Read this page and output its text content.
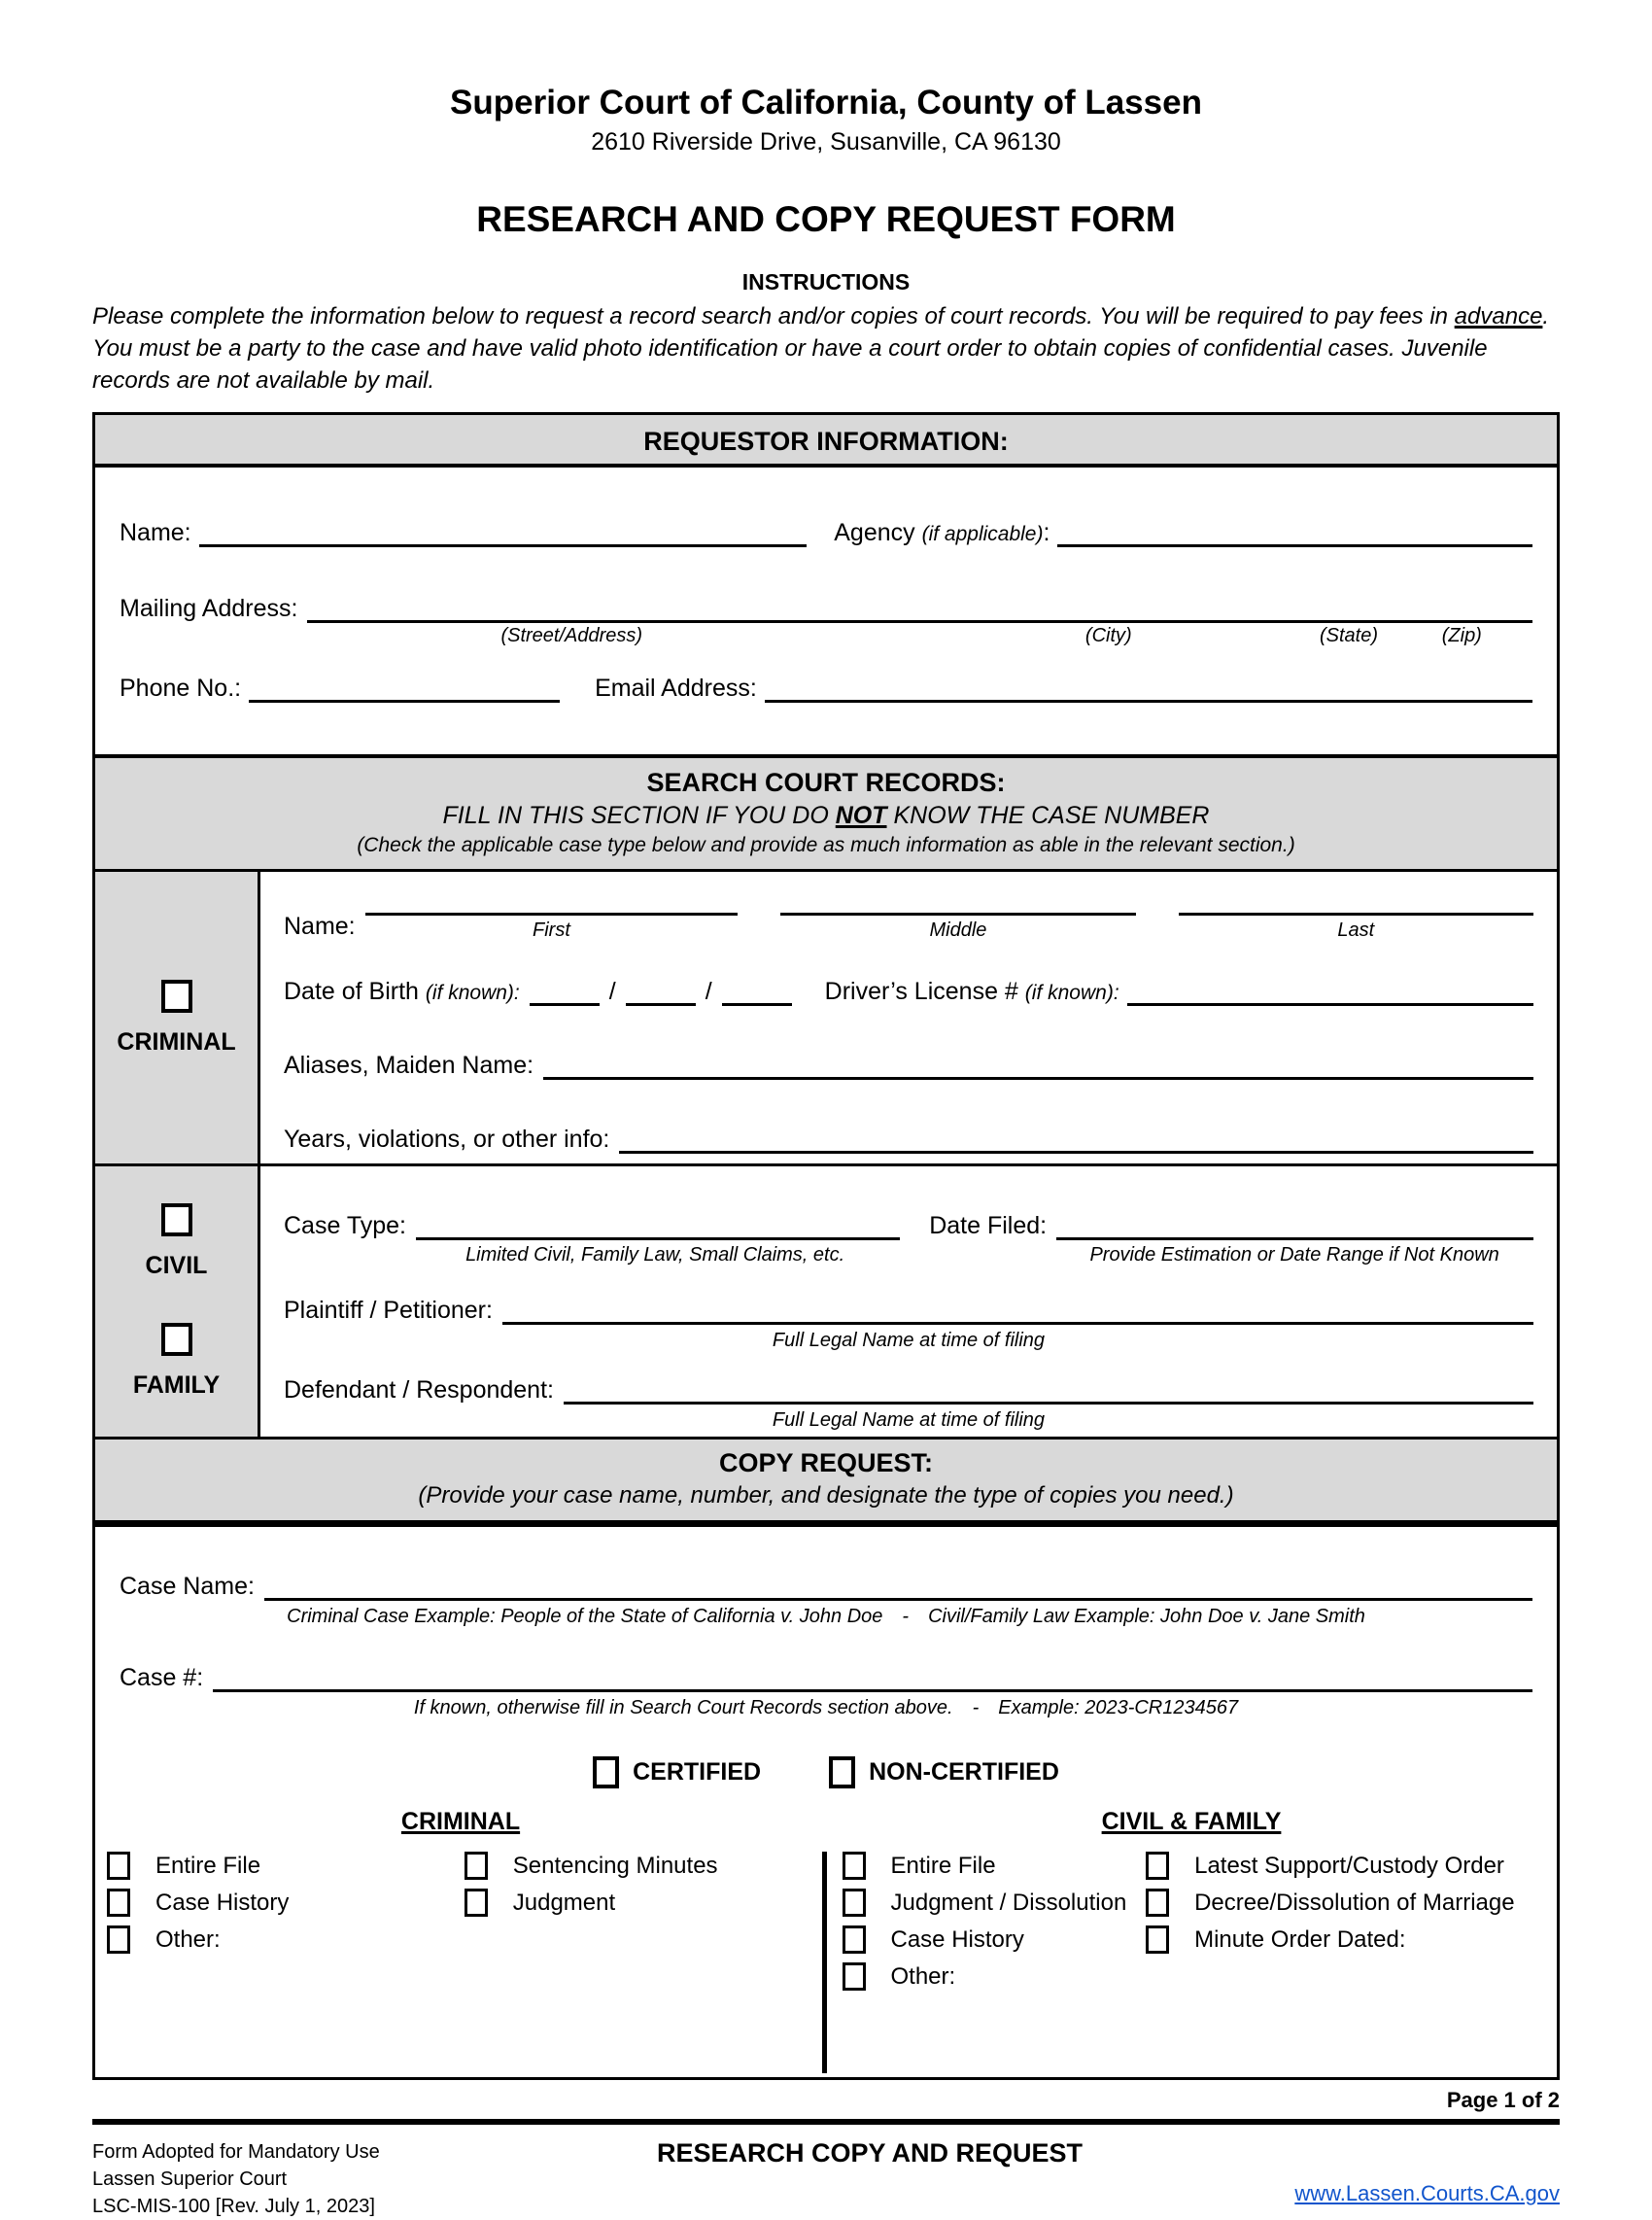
Superior Court of California, County of Lassen
2610 Riverside Drive, Susanville, CA 96130
RESEARCH AND COPY REQUEST FORM
INSTRUCTIONS
Please complete the information below to request a record search and/or copies of court records. You will be required to pay fees in advance. You must be a party to the case and have valid photo identification or have a court order to obtain copies of confidential cases. Juvenile records are not available by mail.
REQUESTOR INFORMATION:
Name:	Agency (if applicable):
Mailing Address:
(Street/Address)	(City)	(State)	(Zip)
Phone No.:	Email Address:
SEARCH COURT RECORDS:
FILL IN THIS SECTION IF YOU DO NOT KNOW THE CASE NUMBER
(Check the applicable case type below and provide as much information as able in the relevant section.)
CRIMINAL
Name:	First	Middle	Last
Date of Birth (if known):	/	/	Driver’s License # (if known):
Aliases, Maiden Name:
Years, violations, or other info:
CIVIL
FAMILY
Case Type:
Limited Civil, Family Law, Small Claims, etc.
Date Filed:
Provide Estimation or Date Range if Not Known
Plaintiff / Petitioner:
Full Legal Name at time of filing
Defendant / Respondent:
Full Legal Name at time of filing
COPY REQUEST:
(Provide your case name, number, and designate the type of copies you need.)
Case Name:
Criminal Case Example: People of the State of California v. John Doe - Civil/Family Law Example: John Doe v. Jane Smith
Case #:
If known, otherwise fill in Search Court Records section above. - Example: 2023-CR1234567
CERTIFIED	NON-CERTIFIED
CRIMINAL	CIVIL & FAMILY
Entire File
Case History
Other:
Sentencing Minutes
Judgment
Entire File
Judgment / Dissolution
Case History
Other:
Latest Support/Custody Order
Decree/Dissolution of Marriage
Minute Order Dated:
Page 1 of 2
Form Adopted for Mandatory Use
Lassen Superior Court
LSC-MIS-100 [Rev. July 1, 2023]
RESEARCH COPY AND REQUEST
www.Lassen.Courts.CA.gov
